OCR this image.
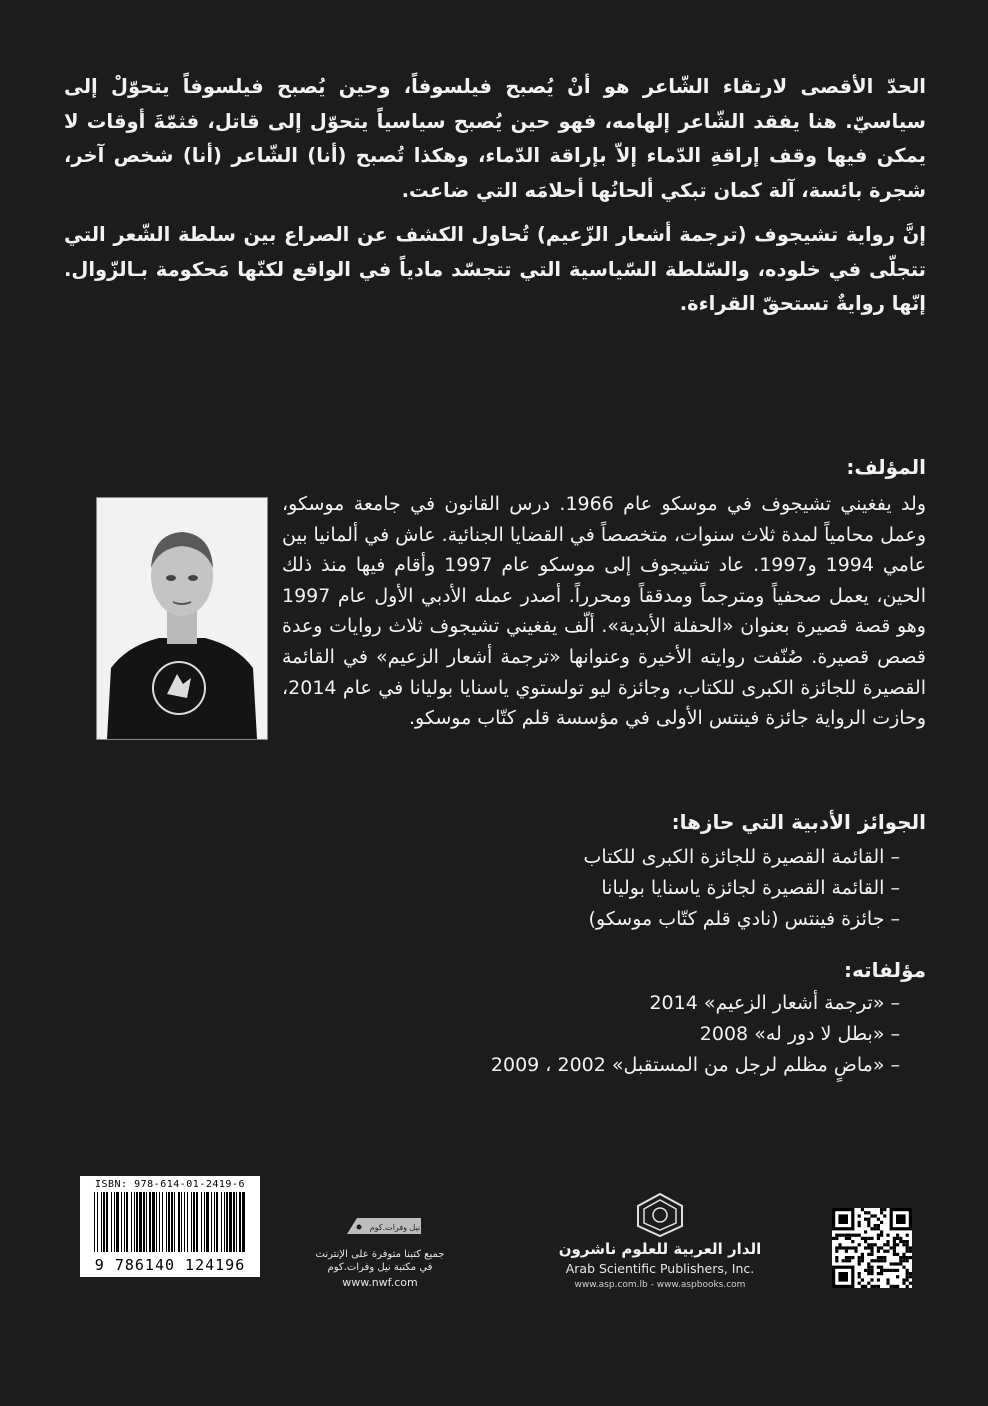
الحدّ الأقصى لارتقاء الشّاعر هو أنْ يُصبح فيلسوفاً، وحين يُصبح فيلسوفاً يتحوّلْ إلى سياسيّ. هنا يفقد الشّاعر إلهامه، فهو حين يُصبح سياسياً يتحوّل إلى قاتل، فثمّةَ أوقات لا يمكن فيها وقف إراقةِ الدّماء إلاّ بإراقة الدّماء، وهكذا تُصبح (أنا) الشّاعر (أنا) شخص آخر، شجرة بائسة، آلة كمان تبكي ألحانُها أحلامَه التي ضاعت.

إنَّ رواية تشيجوف (ترجمة أشعار الزّعيم) تُحاول الكشف عن الصراع بين سلطة الشّعر التي تتجلّى في خلوده، والسّلطة السّياسية التي تتجسّد مادياً في الواقع لكنّها مَحكومة بـالزّوال. إنّها روايةٌ تستحقّ القراءة.

المؤلف:
ولد يفغيني تشيجوف في موسكو عام 1966. درس القانون في جامعة موسكو، وعمل محامياً لمدة ثلاث سنوات، متخصصاً في القضايا الجنائية. عاش في ألمانيا بين عامي 1994 و1997. عاد تشيجوف إلى موسكو عام 1997 وأقام فيها منذ ذلك الحين، يعمل صحفياً ومترجماً ومدققاً ومحرراً. أصدر عمله الأدبي الأول عام 1997 وهو قصة قصيرة بعنوان «الحفلة الأبدية». ألّف يفغيني تشيجوف ثلاث روايات وعدة قصص قصيرة. صُنّفت روايته الأخيرة وعنوانها «ترجمة أشعار الزعيم» في القائمة القصيرة للجائزة الكبرى للكتاب، وجائزة ليو تولستوي ياسنايا بوليانا في عام 2014، وحازت الرواية جائزة فينتس الأولى في مؤسسة قلم كتّاب موسكو.
الجوائز الأدبية التي حازها:
– القائمة القصيرة للجائزة الكبرى للكتاب
– القائمة القصيرة لجائزة ياسنايا بوليانا
– جائزة فينتس (نادي قلم كتّاب موسكو)
مؤلفاته:
– «ترجمة أشعار الزعيم» 2014
– «بطل لا دور له» 2008
– «ماضٍ مظلم لرجل من المستقبل» 2002 ، 2009
ISBN: 978-614-01-2419-6
9 786140 124196
نيل وفرات.كوم
جميع كتبنا متوفرة على الإنترنت
في مكتبة نيل وفرات.كوم
www.nwf.com
الدار العربية للعلوم ناشرون
Arab Scientific Publishers, Inc.
www.asp.com.lb - www.aspbooks.com
